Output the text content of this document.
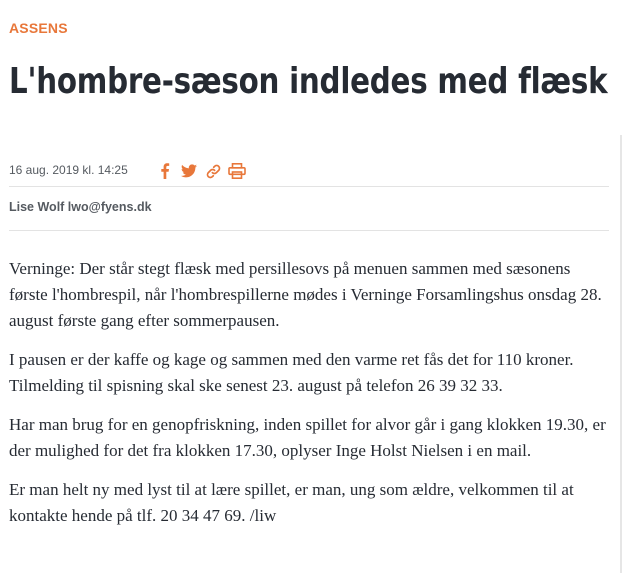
ASSENS
L'hombre-sæson indledes med flæsk
16 aug. 2019 kl. 14:25
Lise Wolf lwo@fyens.dk

Verninge: Der står stegt flæsk med persillesovs på menuen sammen med sæsonens første l'hombrespil, når l'hombrespillerne mødes i Verninge Forsamlingshus onsdag 28. august første gang efter sommerpausen.

I pausen er der kaffe og kage og sammen med den varme ret fås det for 110 kroner. Tilmelding til spisning skal ske senest 23. august på telefon 26 39 32 33.

Har man brug for en genopfriskning, inden spillet for alvor går i gang klokken 19.30, er der mulighed for det fra klokken 17.30, oplyser Inge Holst Nielsen i en mail.

Er man helt ny med lyst til at lære spillet, er man, ung som ældre, velkommen til at kontakte hende på tlf. 20 34 47 69. /liw
